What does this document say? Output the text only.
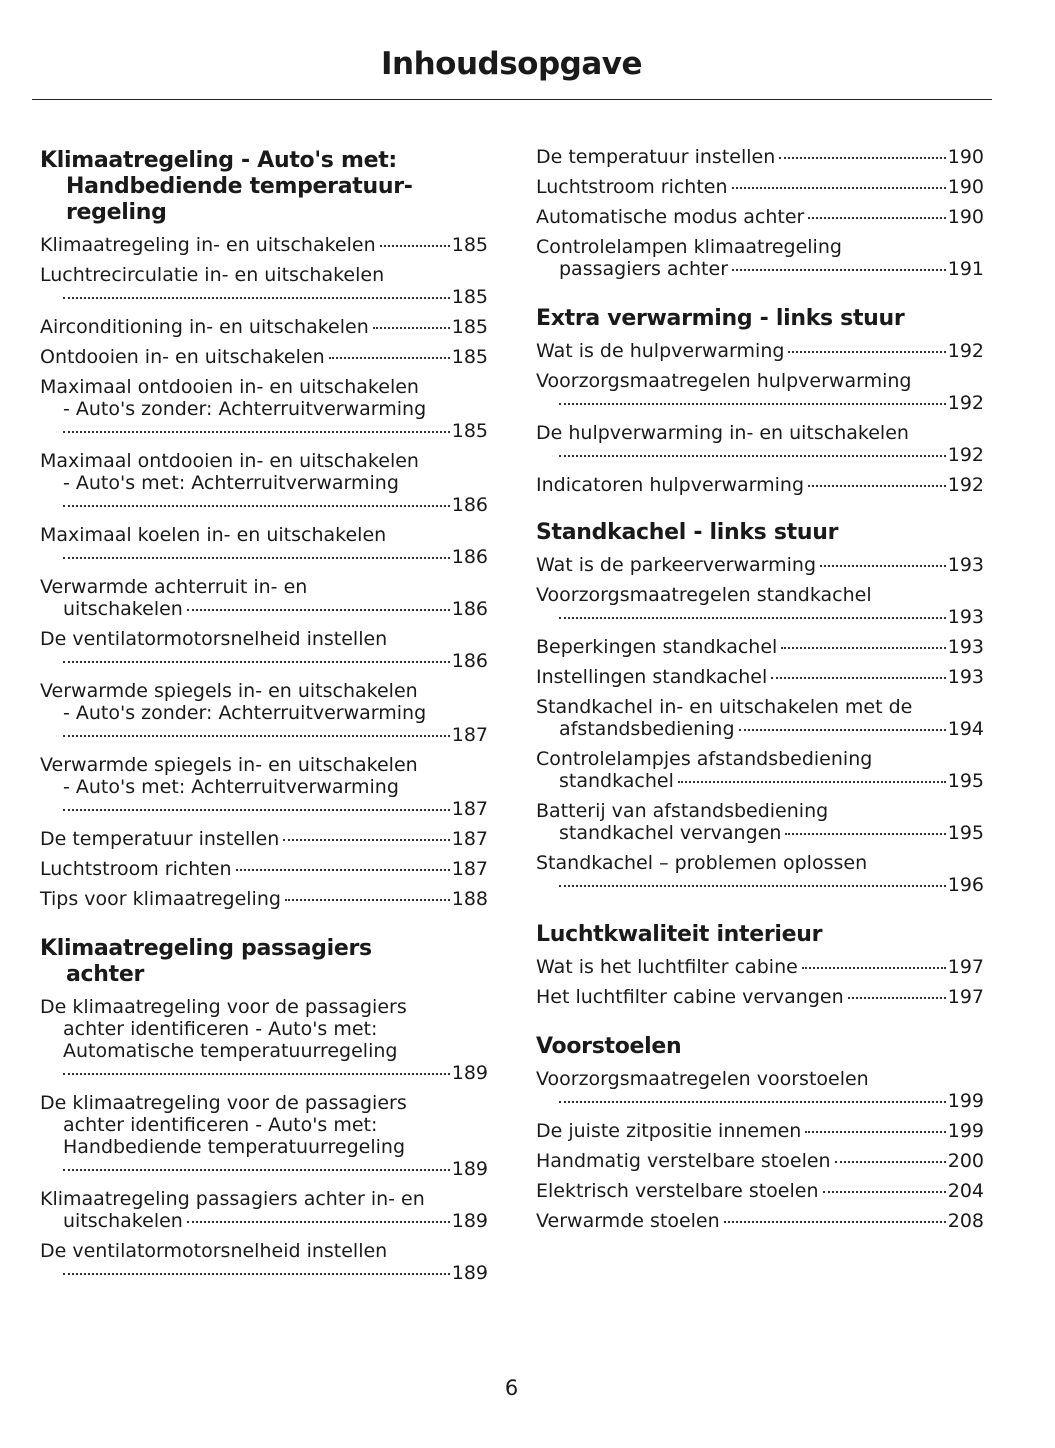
Inhoudsopgave
Klimaatregeling - Auto's met:
Handbediende temperatuur-
regeling
Klimaatregeling in- en uitschakelen	185
Luchtrecirculatie in- en uitschakelen
185
Airconditioning in- en uitschakelen	185
Ontdooien in- en uitschakelen	185
Maximaal ontdooien in- en uitschakelen
- Auto's zonder: Achterruitverwarming
185
Maximaal ontdooien in- en uitschakelen
- Auto's met: Achterruitverwarming
186
Maximaal koelen in- en uitschakelen
186
Verwarmde achterruit in- en
uitschakelen	186
De ventilatormotorsnelheid instellen
186
Verwarmde spiegels in- en uitschakelen
- Auto's zonder: Achterruitverwarming
187
Verwarmde spiegels in- en uitschakelen
- Auto's met: Achterruitverwarming
187
De temperatuur instellen	187
Luchtstroom richten	187
Tips voor klimaatregeling	188
Klimaatregeling passagiers
achter
De klimaatregeling voor de passagiers
achter identificeren - Auto's met:
Automatische temperatuurregeling
189
De klimaatregeling voor de passagiers
achter identificeren - Auto's met:
Handbediende temperatuurregeling
189
Klimaatregeling passagiers achter in- en
uitschakelen	189
De ventilatormotorsnelheid instellen
189
De temperatuur instellen	190
Luchtstroom richten	190
Automatische modus achter	190
Controlelampen klimaatregeling
passagiers achter	191
Extra verwarming - links stuur
Wat is de hulpverwarming	192
Voorzorgsmaatregelen hulpverwarming
192
De hulpverwarming in- en uitschakelen
192
Indicatoren hulpverwarming	192
Standkachel - links stuur
Wat is de parkeerverwarming	193
Voorzorgsmaatregelen standkachel
193
Beperkingen standkachel	193
Instellingen standkachel	193
Standkachel in- en uitschakelen met de
afstandsbediening	194
Controlelampjes afstandsbediening
standkachel	195
Batterij van afstandsbediening
standkachel vervangen	195
Standkachel – problemen oplossen
196
Luchtkwaliteit interieur
Wat is het luchtfilter cabine	197
Het luchtfilter cabine vervangen	197
Voorstoelen
Voorzorgsmaatregelen voorstoelen
199
De juiste zitpositie innemen	199
Handmatig verstelbare stoelen	200
Elektrisch verstelbare stoelen	204
Verwarmde stoelen	208
6
